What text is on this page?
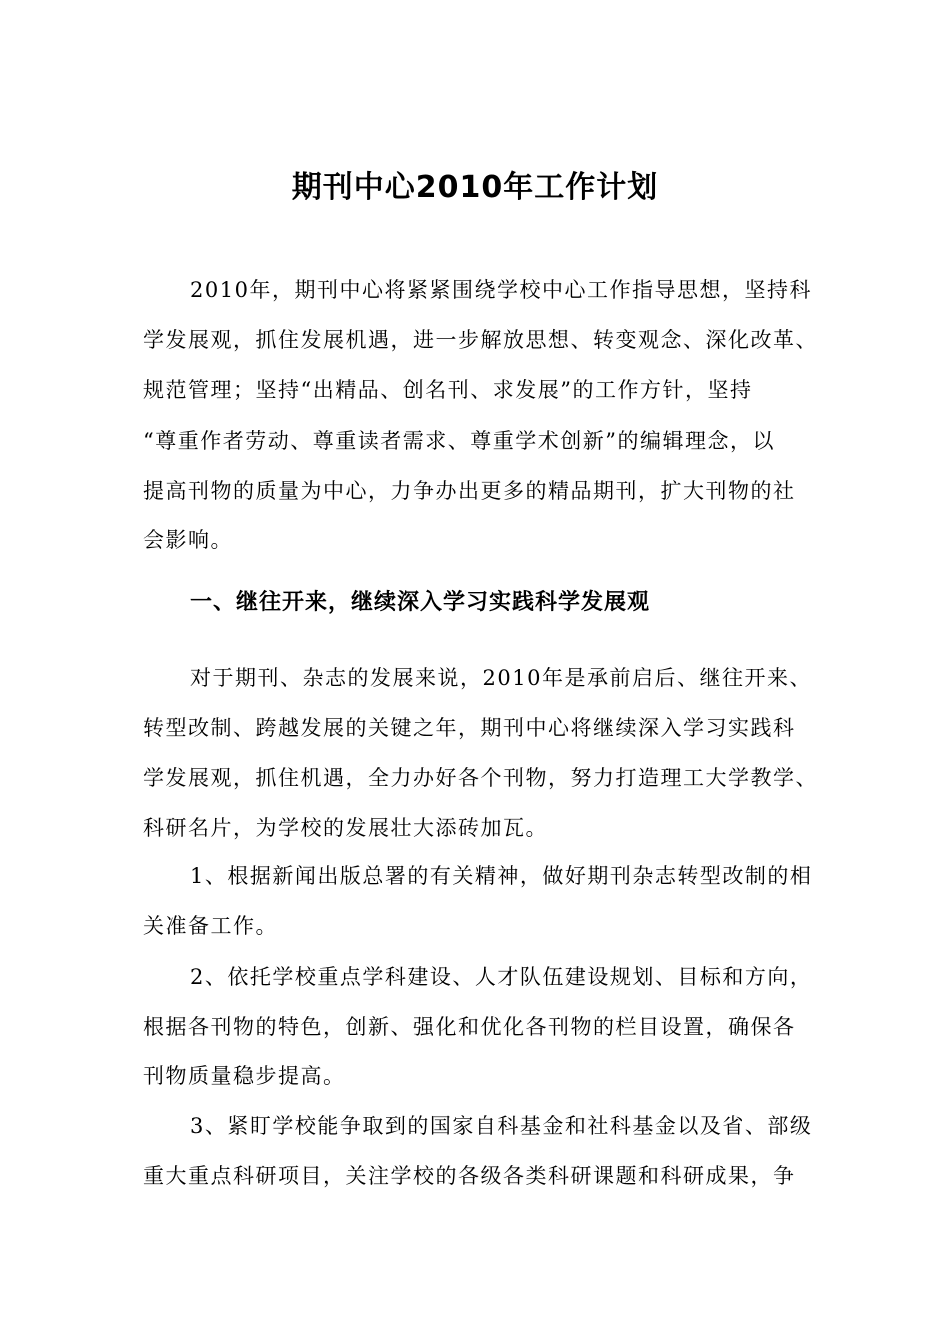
期刊中心2010年工作计划
2010年，期刊中心将紧紧围绕学校中心工作指导思想，坚持科
学发展观，抓住发展机遇，进一步解放思想、转变观念、深化改革、
规范管理；坚持“出精品、创名刊、求发展”的工作方针，坚持
“尊重作者劳动、尊重读者需求、尊重学术创新”的编辑理念，以
提高刊物的质量为中心，力争办出更多的精品期刊，扩大刊物的社
会影响。
一、继往开来，继续深入学习实践科学发展观
对于期刊、杂志的发展来说，2010年是承前启后、继往开来、
转型改制、跨越发展的关键之年，期刊中心将继续深入学习实践科
学发展观，抓住机遇，全力办好各个刊物，努力打造理工大学教学、
科研名片，为学校的发展壮大添砖加瓦。
1、根据新闻出版总署的有关精神，做好期刊杂志转型改制的相
关准备工作。
2、依托学校重点学科建设、人才队伍建设规划、目标和方向，
根据各刊物的特色，创新、强化和优化各刊物的栏目设置，确保各
刊物质量稳步提高。
3、紧盯学校能争取到的国家自科基金和社科基金以及省、部级
重大重点科研项目，关注学校的各级各类科研课题和科研成果，争
